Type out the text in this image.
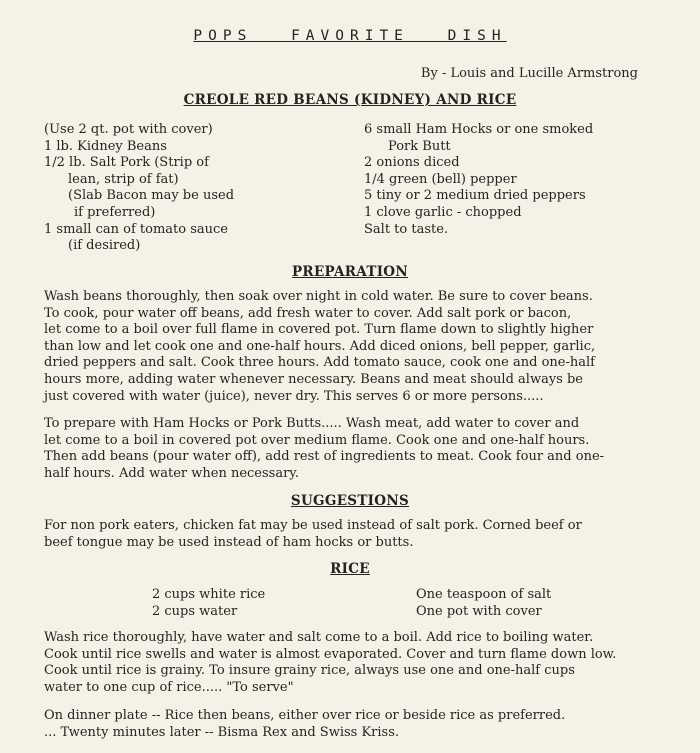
POPS FAVORITE DISH
By - Louis and Lucille Armstrong
CREOLE RED BEANS (KIDNEY) AND RICE
(Use 2 qt. pot with cover)
1 lb. Kidney Beans
1/2 lb. Salt Pork (Strip of
lean, strip of fat)
(Slab Bacon may be used
if preferred)
1 small can of tomato sauce
(if desired)
6 small Ham Hocks or one smoked
Pork Butt
2 onions diced
1/4 green (bell) pepper
5 tiny or 2 medium dried peppers
1 clove garlic - chopped
Salt to taste.
PREPARATION
Wash beans thoroughly, then soak over night in cold water. Be sure to cover beans.
To cook, pour water off beans, add fresh water to cover. Add salt pork or bacon,
let come to a boil over full flame in covered pot. Turn flame down to slightly higher
than low and let cook one and one-half hours. Add diced onions, bell pepper, garlic,
dried peppers and salt. Cook three hours. Add tomato sauce, cook one and one-half
hours more, adding water whenever necessary. Beans and meat should always be
just covered with water (juice), never dry. This serves 6 or more persons.....
To prepare with Ham Hocks or Pork Butts..... Wash meat, add water to cover and
let come to a boil in covered pot over medium flame. Cook one and one-half hours.
Then add beans (pour water off), add rest of ingredients to meat. Cook four and one-
half hours. Add water when necessary.
SUGGESTIONS
For non pork eaters, chicken fat may be used instead of salt pork. Corned beef or
beef tongue may be used instead of ham hocks or butts.
RICE
2 cups white rice
2 cups water
One teaspoon of salt
One pot with cover
Wash rice thoroughly, have water and salt come to a boil. Add rice to boiling water.
Cook until rice swells and water is almost evaporated. Cover and turn flame down low.
Cook until rice is grainy. To insure grainy rice, always use one and one-half cups
water to one cup of rice..... "To serve"
On dinner plate -- Rice then beans, either over rice or beside rice as preferred.
... Twenty minutes later -- Bisma Rex and Swiss Kriss.
